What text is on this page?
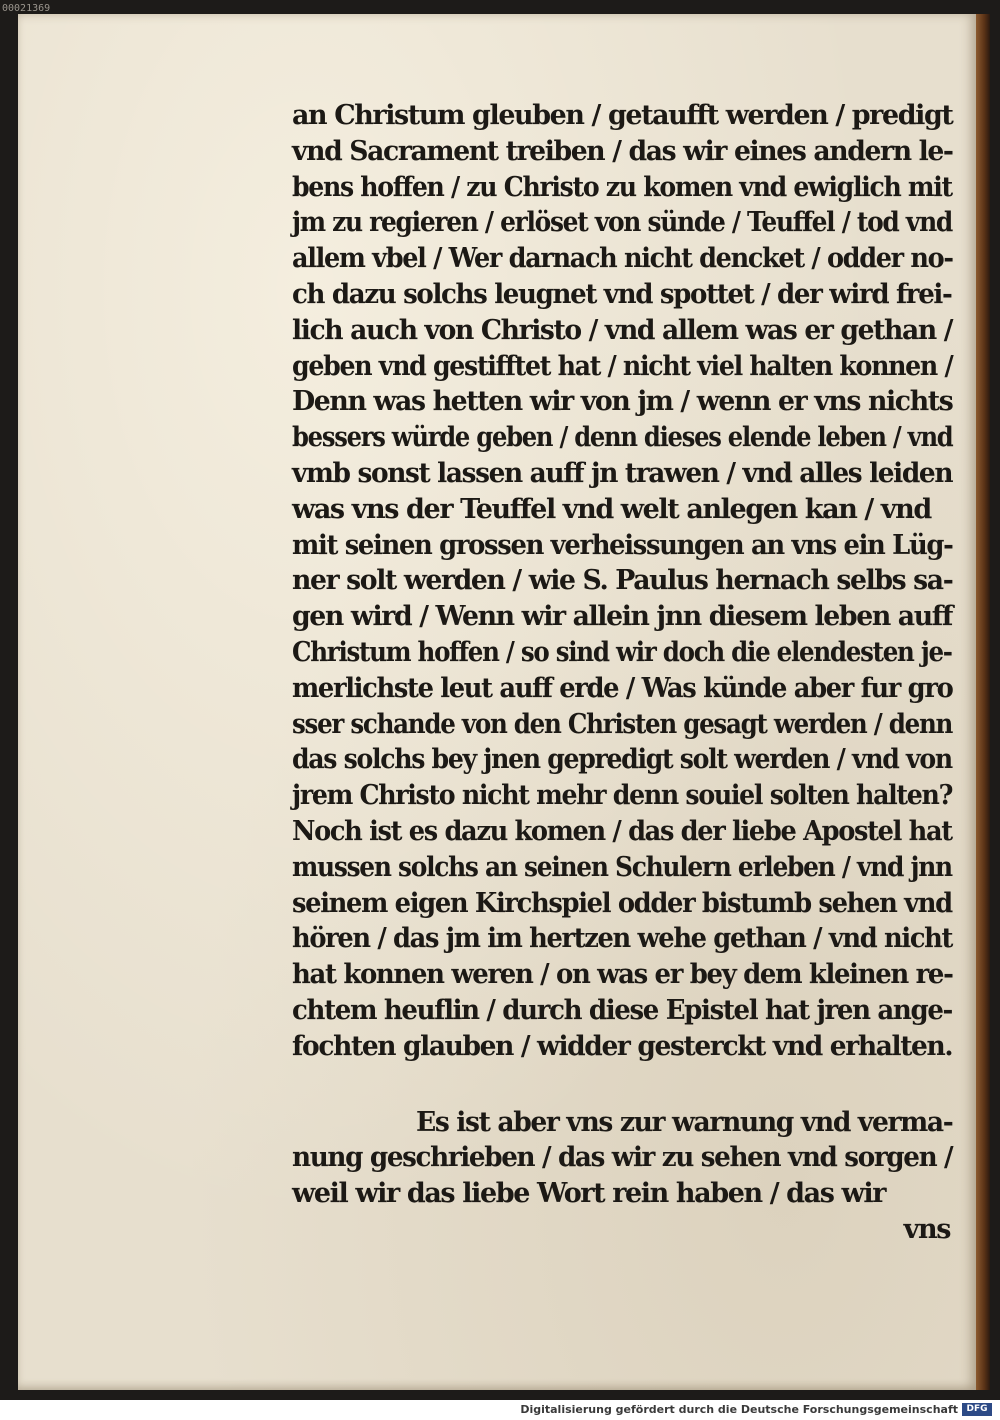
00021369
an Christum gleuben / getaufft werden / predigt
vnd Sacrament treiben / das wir eines andern le-
bens hoffen / zu Christo zu komen vnd ewiglich mit
jm zu regieren / erlöset von sünde / Teuffel / tod vnd
allem vbel / Wer darnach nicht dencket / odder no-
ch dazu solchs leugnet vnd spottet / der wird frei-
lich auch von Christo / vnd allem was er gethan /
geben vnd gestifftet hat / nicht viel halten konnen /
Denn was hetten wir von jm / wenn er vns nichts
bessers würde geben / denn dieses elende leben / vnd
vmb sonst lassen auff jn trawen / vnd alles leiden
was vns der Teuffel vnd welt anlegen kan / vnd
mit seinen grossen verheissungen an vns ein Lüg-
ner solt werden / wie S. Paulus hernach selbs sa-
gen wird / Wenn wir allein jnn diesem leben auff
Christum hoffen / so sind wir doch die elendesten je-
merlichste leut auff erde / Was künde aber fur gro
sser schande von den Christen gesagt werden / denn
das solchs bey jnen gepredigt solt werden / vnd von
jrem Christo nicht mehr denn souiel solten halten?
Noch ist es dazu komen / das der liebe Apostel hat
mussen solchs an seinen Schulern erleben / vnd jnn
seinem eigen Kirchspiel odder bistumb sehen vnd
hören / das jm im hertzen wehe gethan / vnd nicht
hat konnen weren / on was er bey dem kleinen re-
chtem heuflin / durch diese Epistel hat jren ange-
fochten glauben / widder gesterckt vnd erhalten.
Es ist aber vns zur warnung vnd verma-
nung geschrieben / das wir zu sehen vnd sorgen /
weil wir das liebe Wort rein haben / das wir
vns
Digitalisierung gefördert durch die Deutsche Forschungsgemeinschaft DFG
